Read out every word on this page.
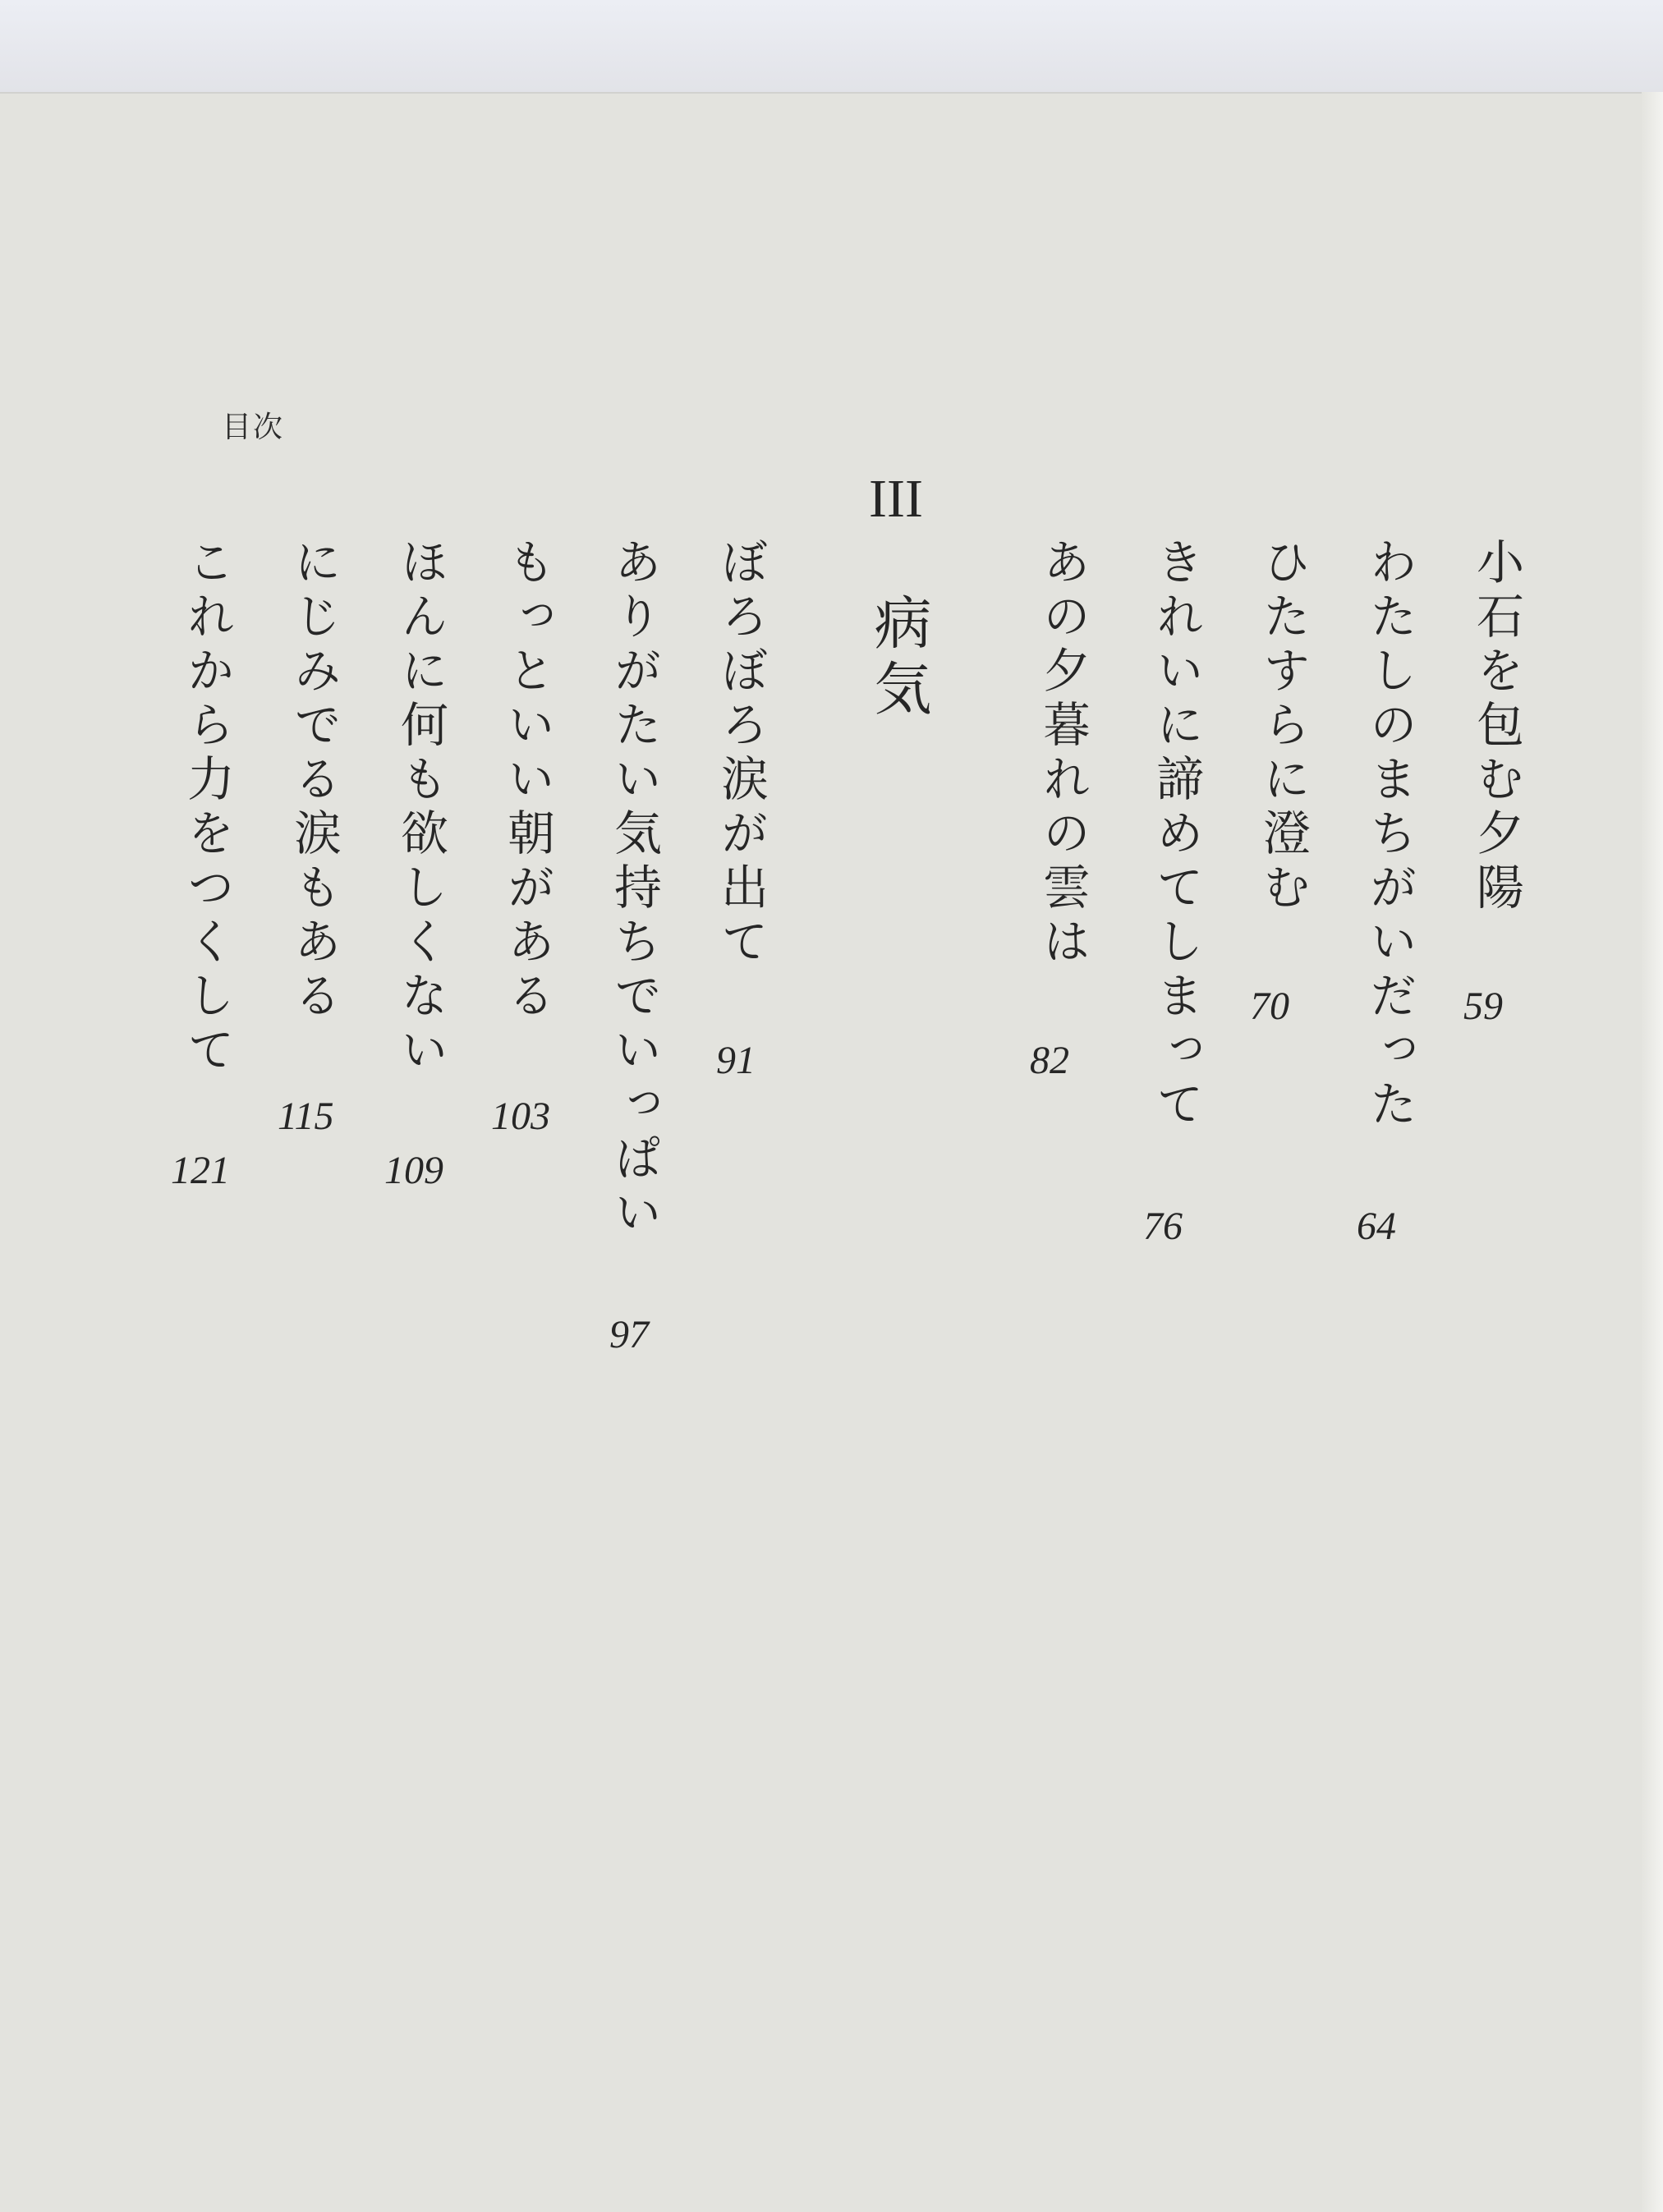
目次
小石を包む夕陽
59
わたしのまちがいだった
64
ひたすらに澄む
70
きれいに諦めてしまって
76
あの夕暮れの雲は
82
III
病気
ぼろぼろ涙が出て
91
ありがたい気持ちでいっぱい
97
もっといい朝がある
103
ほんに何も欲しくない
109
にじみでる涙もある
115
これから力をつくして
121
